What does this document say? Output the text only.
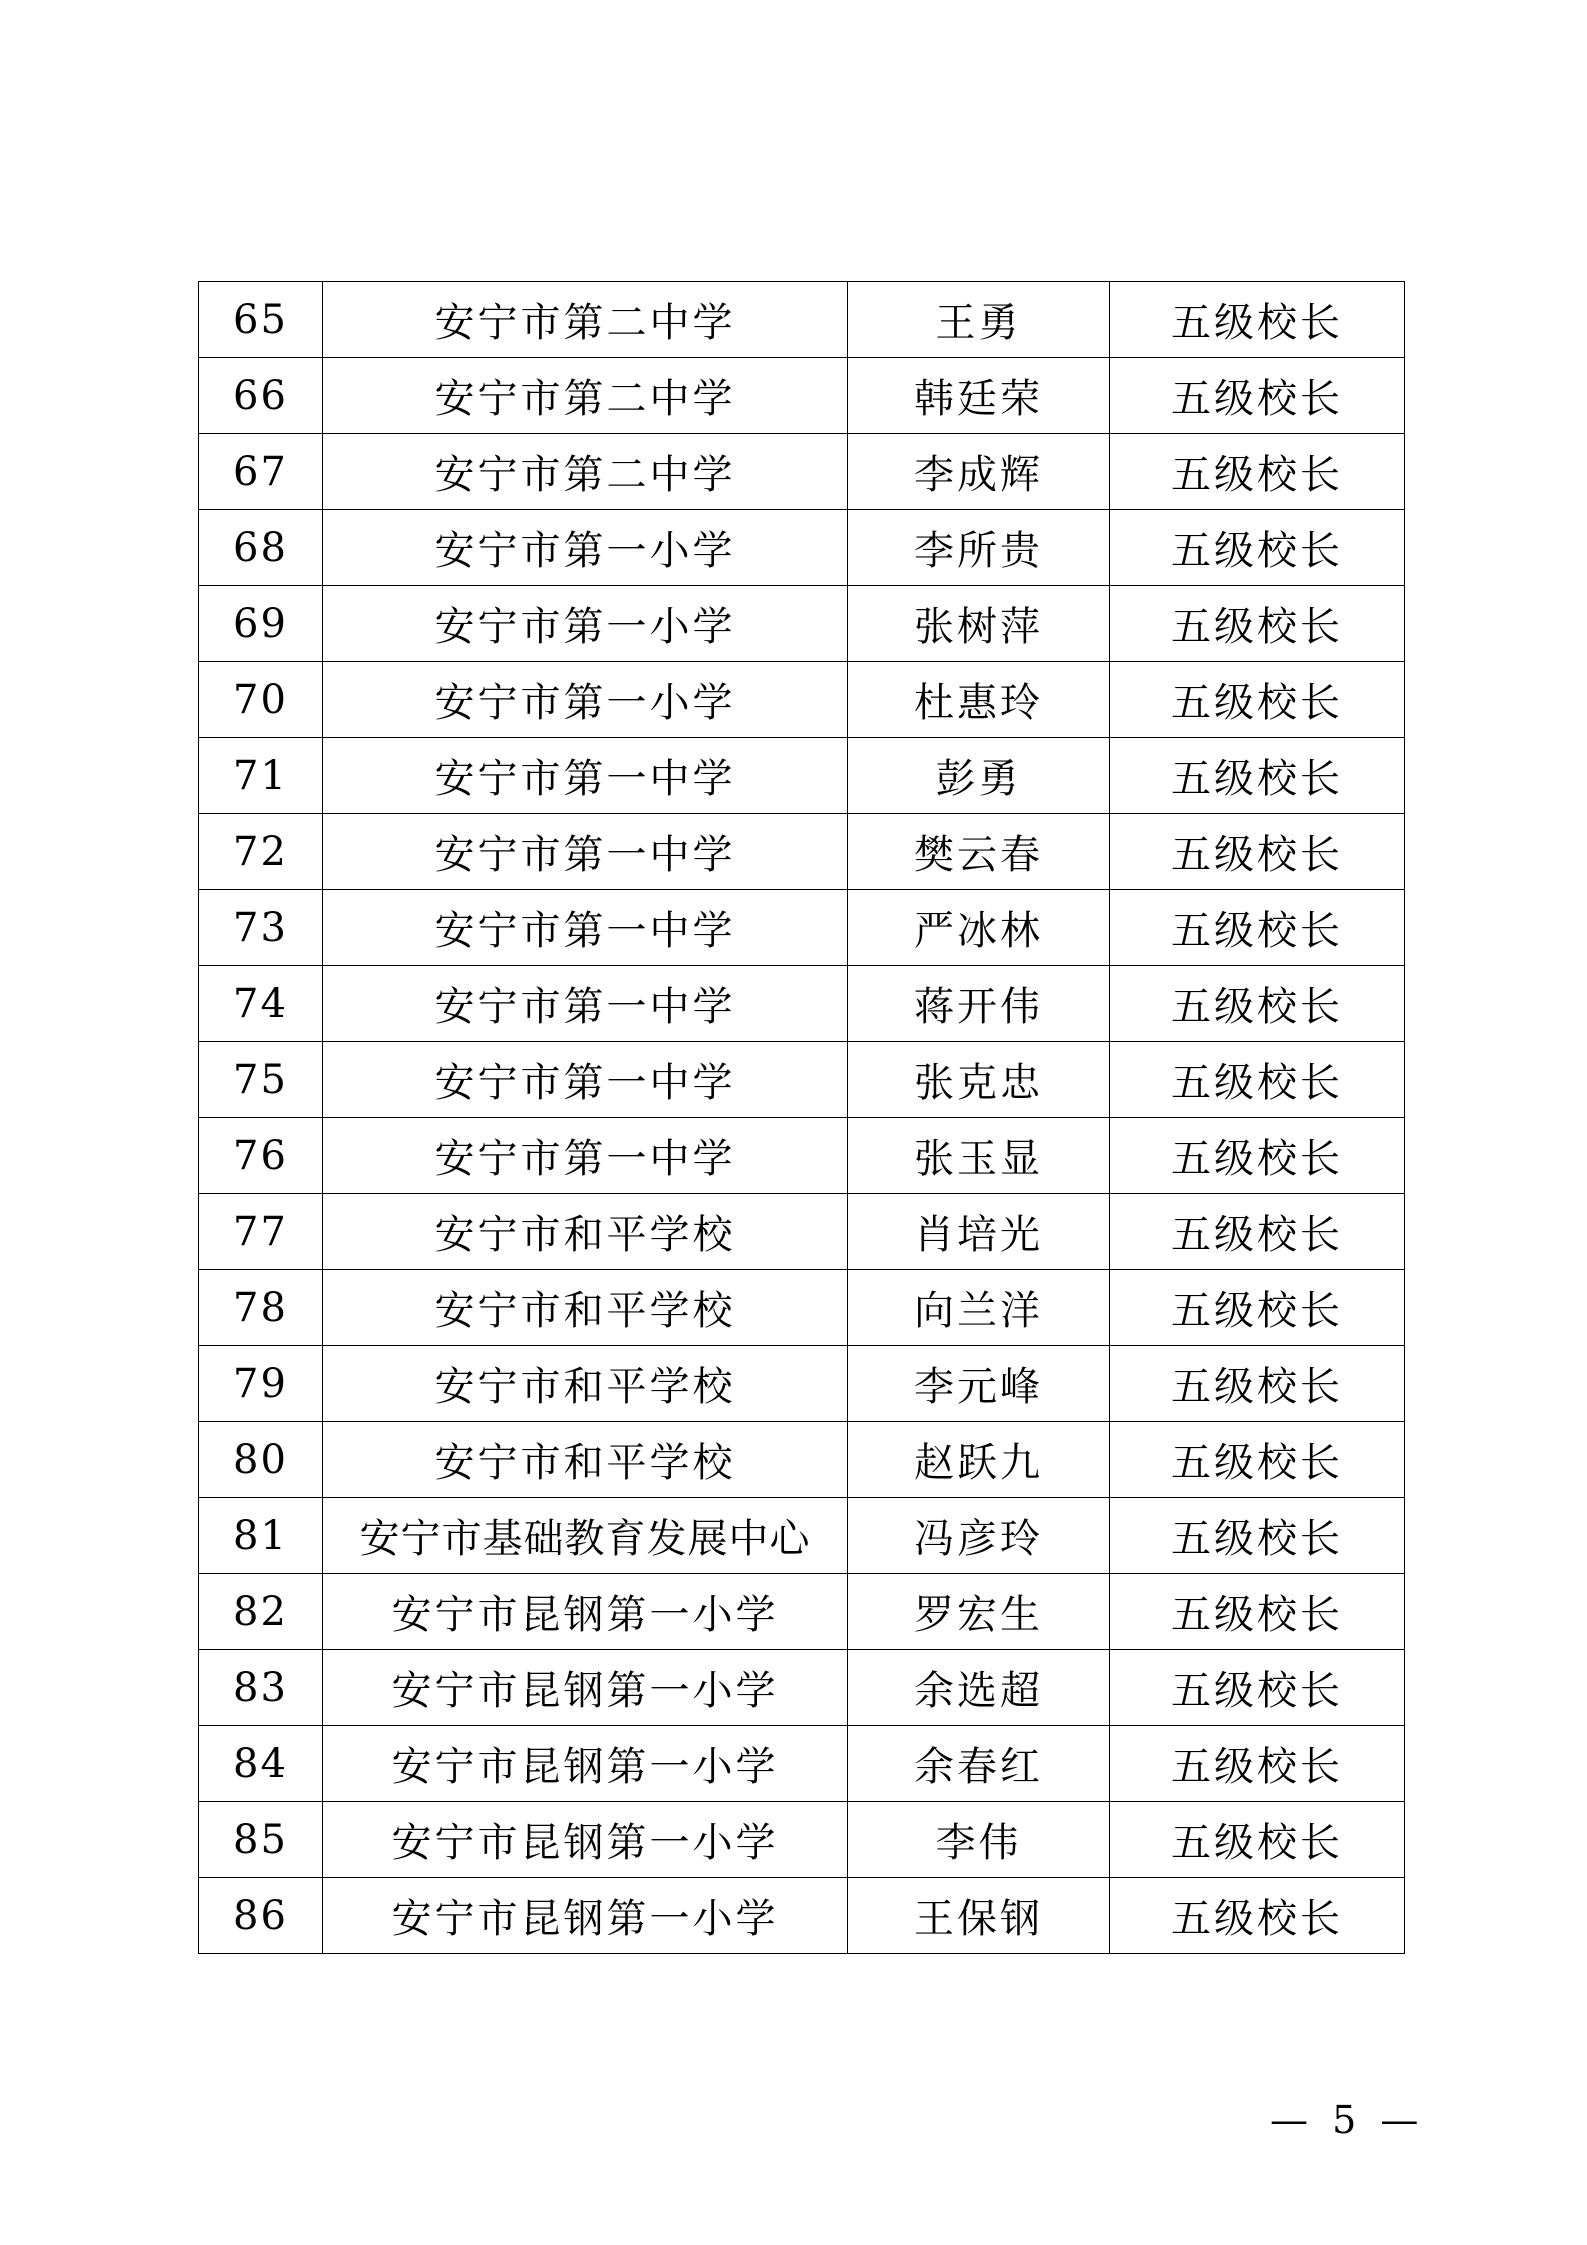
65	安宁市第二中学	王勇	五级校长
66	安宁市第二中学	韩廷荣	五级校长
67	安宁市第二中学	李成辉	五级校长
68	安宁市第一小学	李所贵	五级校长
69	安宁市第一小学	张树萍	五级校长
70	安宁市第一小学	杜惠玲	五级校长
71	安宁市第一中学	彭勇	五级校长
72	安宁市第一中学	樊云春	五级校长
73	安宁市第一中学	严冰林	五级校长
74	安宁市第一中学	蒋开伟	五级校长
75	安宁市第一中学	张克忠	五级校长
76	安宁市第一中学	张玉显	五级校长
77	安宁市和平学校	肖培光	五级校长
78	安宁市和平学校	向兰洋	五级校长
79	安宁市和平学校	李元峰	五级校长
80	安宁市和平学校	赵跃九	五级校长
81	安宁市基础教育发展中心	冯彦玲	五级校长
82	安宁市昆钢第一小学	罗宏生	五级校长
83	安宁市昆钢第一小学	余选超	五级校长
84	安宁市昆钢第一小学	余春红	五级校长
85	安宁市昆钢第一小学	李伟	五级校长
86	安宁市昆钢第一小学	王保钢	五级校长
— 5 —
